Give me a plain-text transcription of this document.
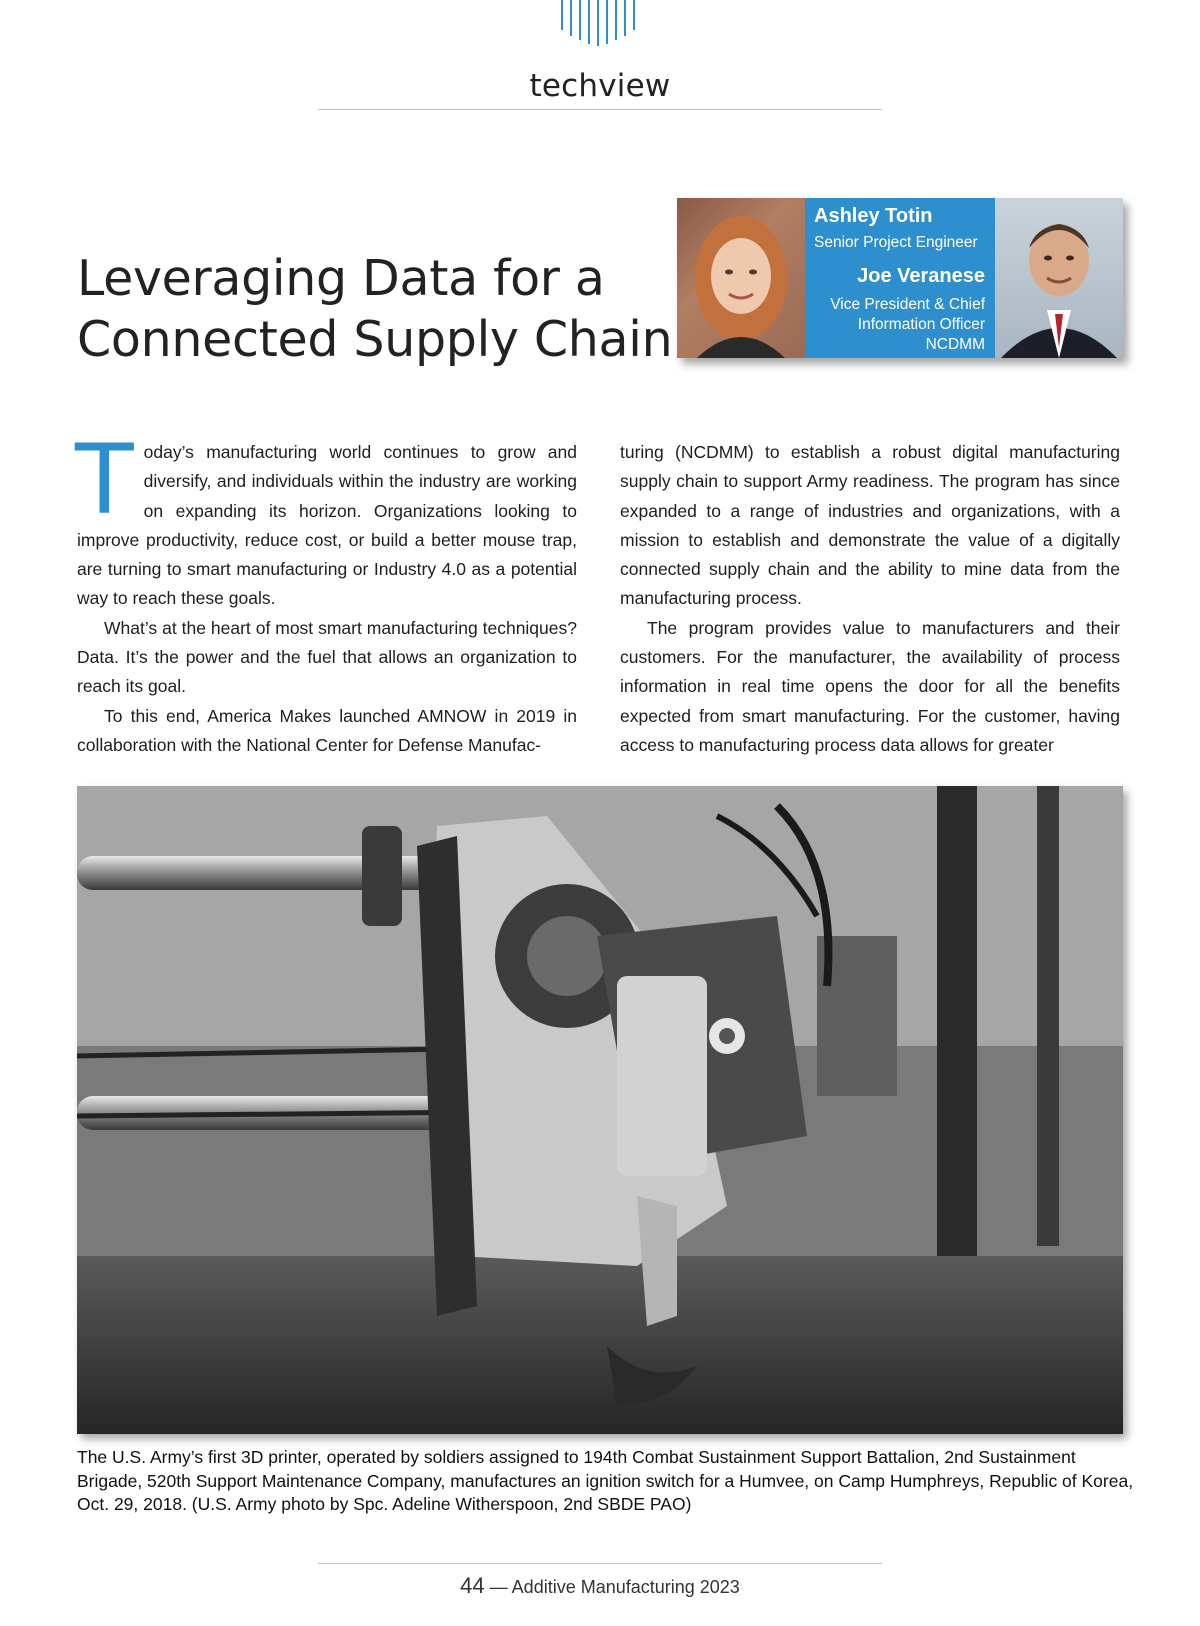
techview
Leveraging Data for a
Connected Supply Chain
Ashley Totin
Senior Project Engineer
Joe Veranese
Vice President & Chief
Information Officer
NCDMM

Today’s manufacturing world continues to grow and diversify, and individuals within the industry are working on expanding its horizon. Organizations looking to improve productivity, reduce cost, or build a better mouse trap, are turning to smart manufacturing or Industry 4.0 as a potential way to reach these goals.

What’s at the heart of most smart manufacturing techniques? Data. It’s the power and the fuel that allows an organization to reach its goal.

To this end, America Makes launched AMNOW in 2019 in collaboration with the National Center for Defense Manufac-

turing (NCDMM) to establish a robust digital manufacturing supply chain to support Army readiness. The program has since expanded to a range of industries and organizations, with a mission to establish and demonstrate the value of a digitally connected supply chain and the ability to mine data from the manufacturing process.

The program provides value to manufacturers and their customers. For the manufacturer, the availability of process information in real time opens the door for all the benefits expected from smart manufacturing. For the customer, having access to manufacturing process data allows for greater

The U.S. Army’s first 3D printer, operated by soldiers assigned to 194th Combat Sustainment Support Battalion, 2nd Sustainment Brigade, 520th Support Maintenance Company, manufactures an ignition switch for a Humvee, on Camp Humphreys, Republic of Korea, Oct. 29, 2018. (U.S. Army photo by Spc. Adeline Witherspoon, 2nd SBDE PAO)

44 — Additive Manufacturing 2023
